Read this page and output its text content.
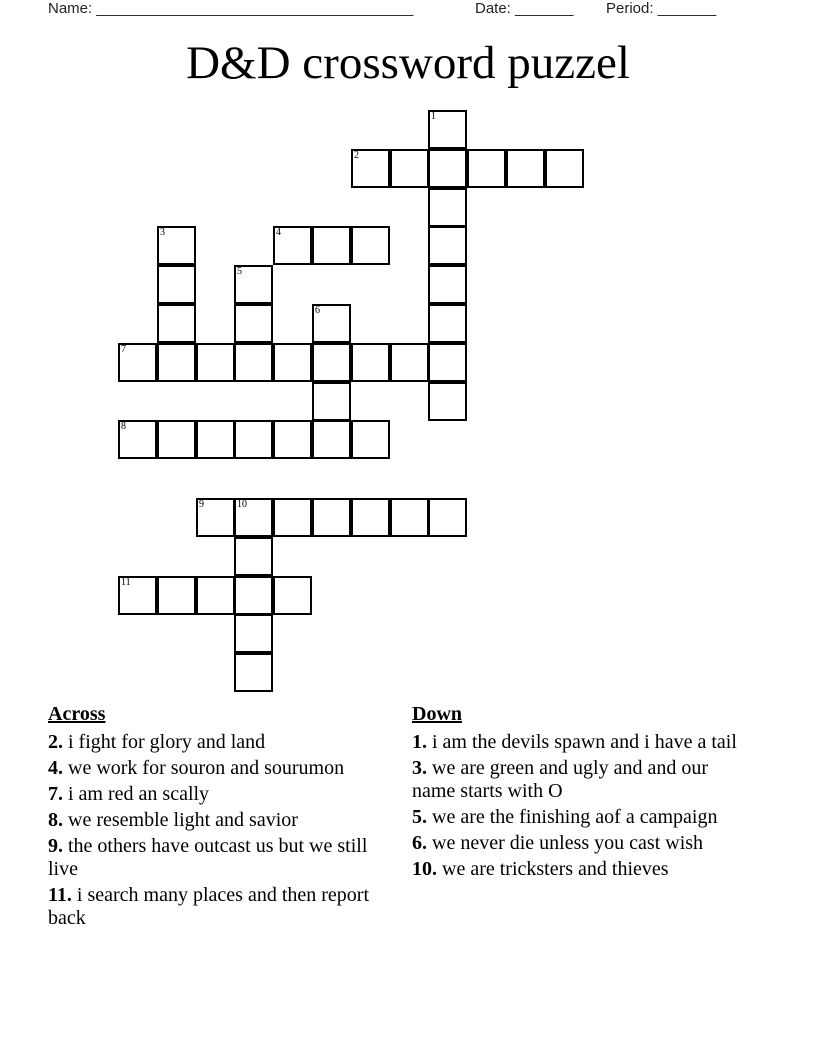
Name: ______________________________________	Date: _______ Period: _______
D&D crossword puzzel
1
2
3	4
5
6
7
8
9	10
11
Across
2. i fight for glory and land
4. we work for souron and sourumon
7. i am red an scally
8. we resemble light and savior
9. the others have outcast us but we still live
11. i search many places and then report back
Down
1. i am the devils spawn and i have a tail
3. we are green and ugly and and our name starts with O
5. we are the finishing aof a campaign
6. we never die unless you cast wish
10. we are tricksters and thieves
